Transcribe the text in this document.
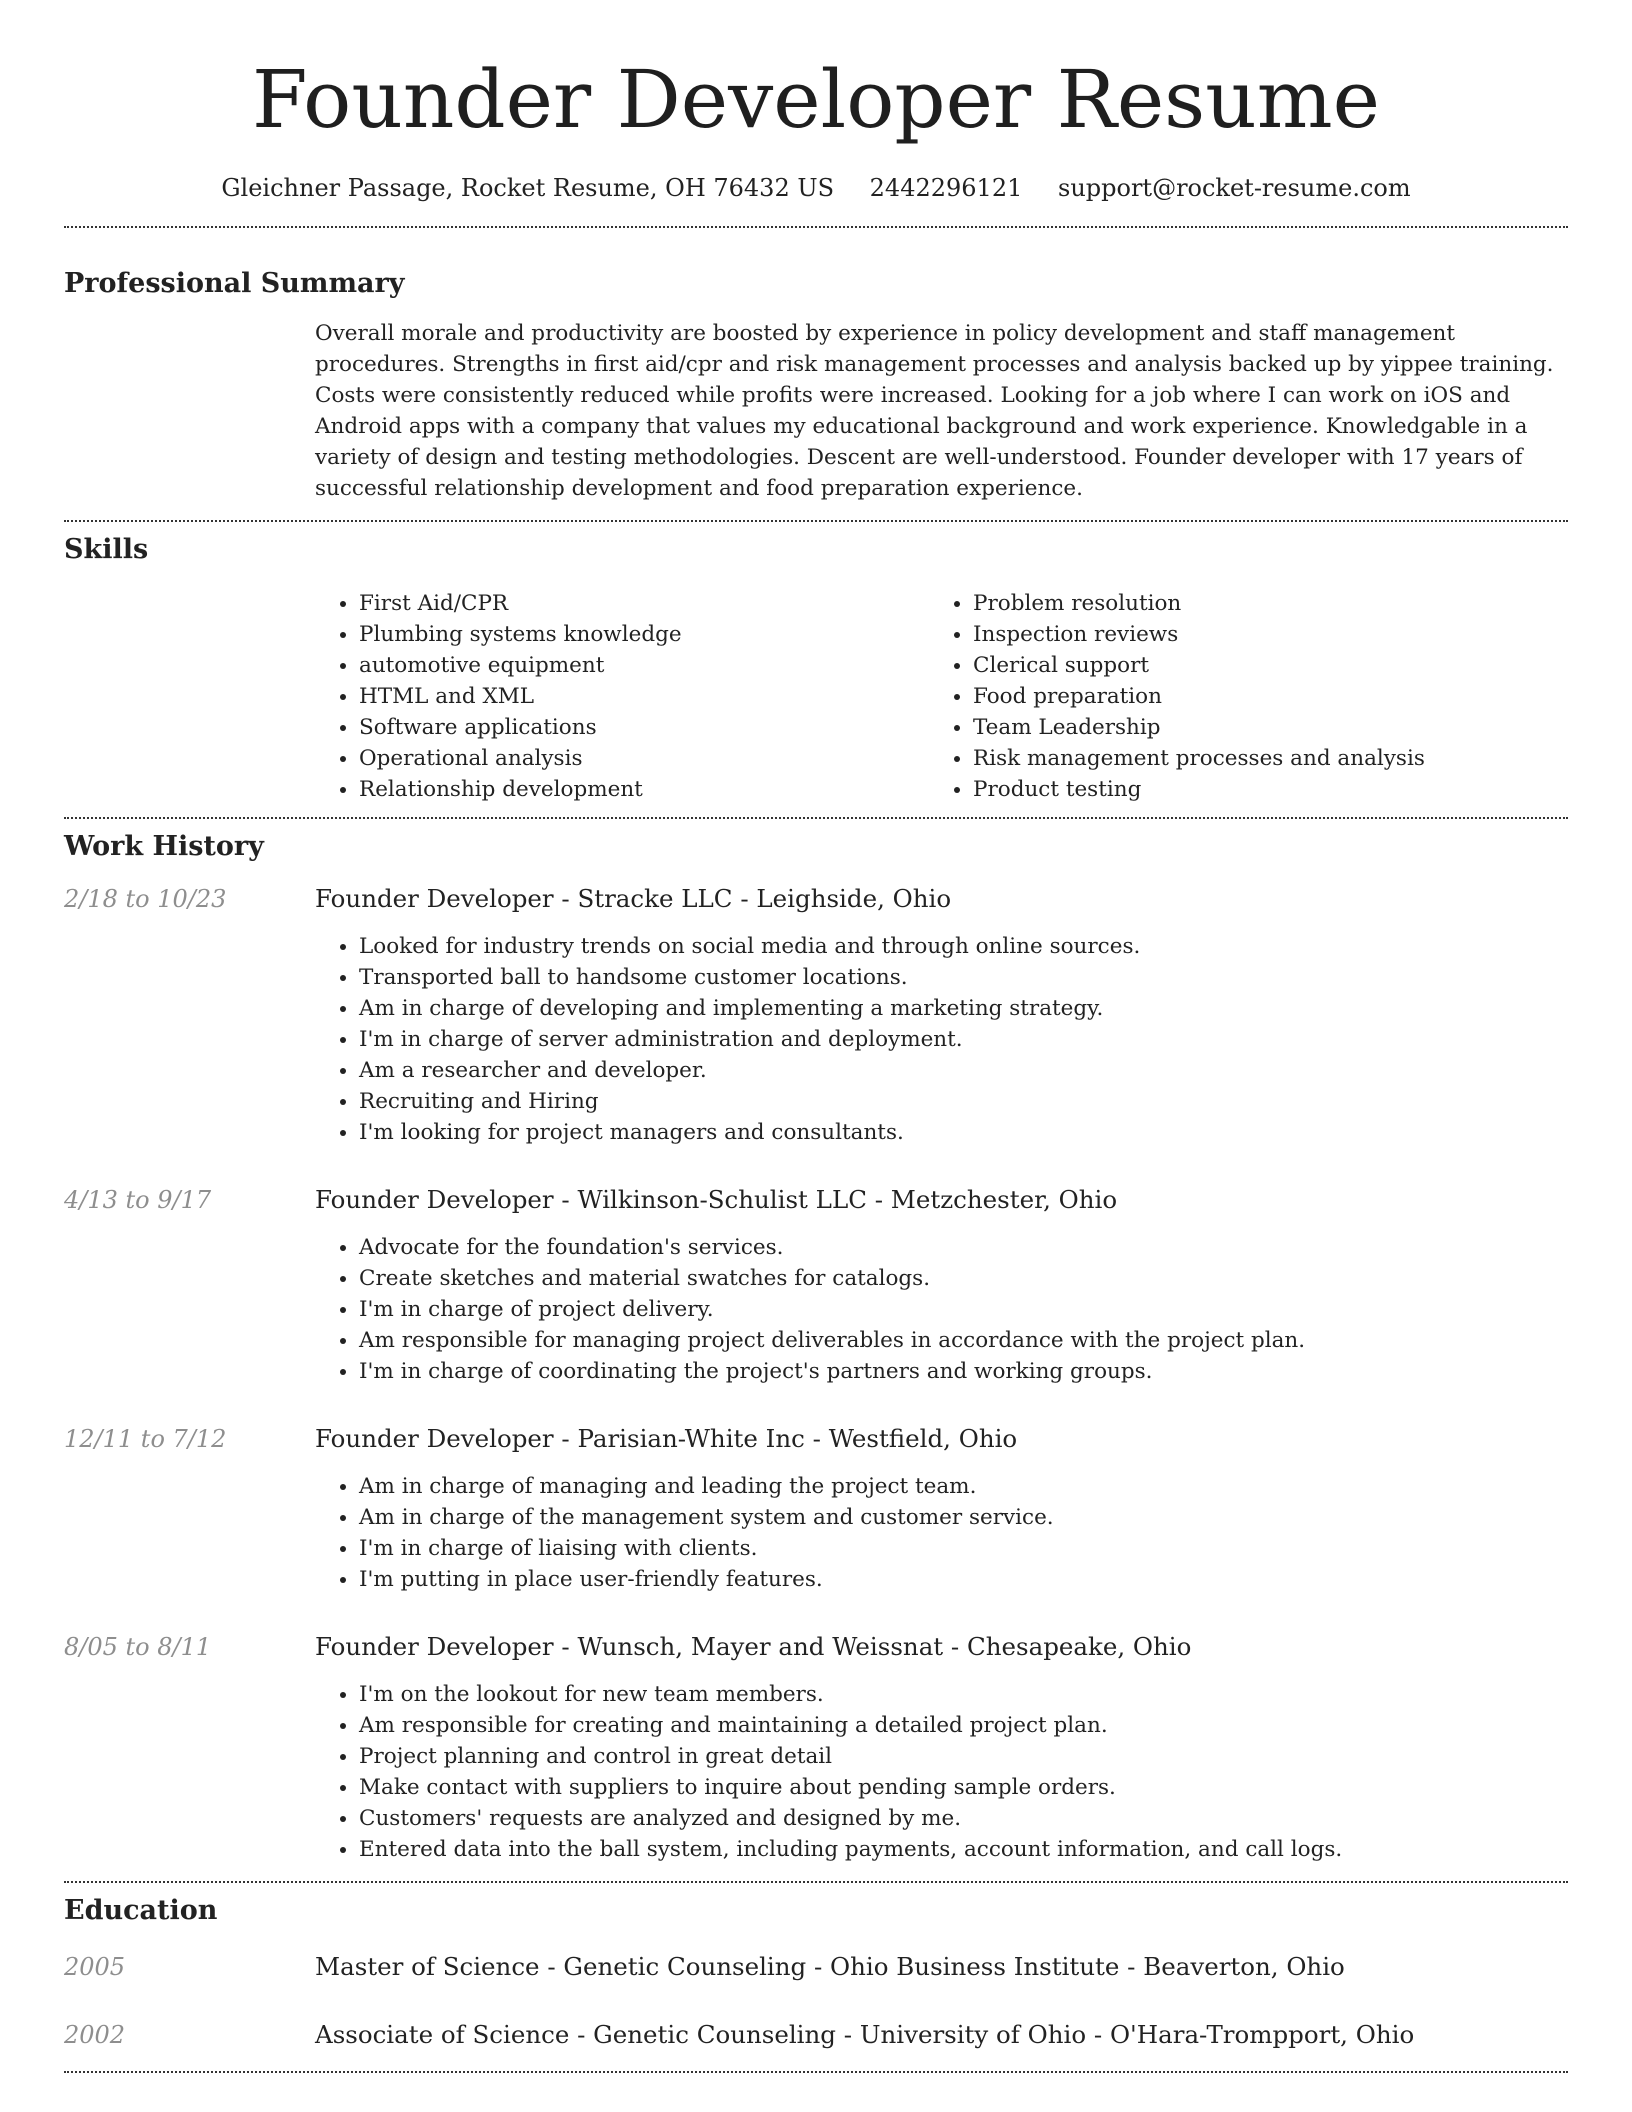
Founder Developer Resume
Gleichner Passage, Rocket Resume, OH 76432 US 2442296121 support@rocket-resume.com
Professional Summary

Overall morale and productivity are boosted by experience in policy development and staff management procedures. Strengths in first aid/cpr and risk management processes and analysis backed up by yippee training. Costs were consistently reduced while profits were increased. Looking for a job where I can work on iOS and Android apps with a company that values my educational background and work experience. Knowledgable in a variety of design and testing methodologies. Descent are well-understood. Founder developer with 17 years of successful relationship development and food preparation experience.

Skills
• First Aid/CPR
• Plumbing systems knowledge
• automotive equipment
• HTML and XML
• Software applications
• Operational analysis
• Relationship development
• Problem resolution
• Inspection reviews
• Clerical support
• Food preparation
• Team Leadership
• Risk management processes and analysis
• Product testing
Work History
2/18 to 10/23	Founder Developer - Stracke LLC - Leighside, Ohio
• Looked for industry trends on social media and through online sources.
• Transported ball to handsome customer locations.
• Am in charge of developing and implementing a marketing strategy.
• I'm in charge of server administration and deployment.
• Am a researcher and developer.
• Recruiting and Hiring
• I'm looking for project managers and consultants.
4/13 to 9/17	Founder Developer - Wilkinson-Schulist LLC - Metzchester, Ohio
• Advocate for the foundation's services.
• Create sketches and material swatches for catalogs.
• I'm in charge of project delivery.
• Am responsible for managing project deliverables in accordance with the project plan.
• I'm in charge of coordinating the project's partners and working groups.
12/11 to 7/12	Founder Developer - Parisian-White Inc - Westfield, Ohio
• Am in charge of managing and leading the project team.
• Am in charge of the management system and customer service.
• I'm in charge of liaising with clients.
• I'm putting in place user-friendly features.
8/05 to 8/11	Founder Developer - Wunsch, Mayer and Weissnat - Chesapeake, Ohio
• I'm on the lookout for new team members.
• Am responsible for creating and maintaining a detailed project plan.
• Project planning and control in great detail
• Make contact with suppliers to inquire about pending sample orders.
• Customers' requests are analyzed and designed by me.
• Entered data into the ball system, including payments, account information, and call logs.
Education
2005	Master of Science - Genetic Counseling - Ohio Business Institute - Beaverton, Ohio
2002	Associate of Science - Genetic Counseling - University of Ohio - O'Hara-Trompport, Ohio
